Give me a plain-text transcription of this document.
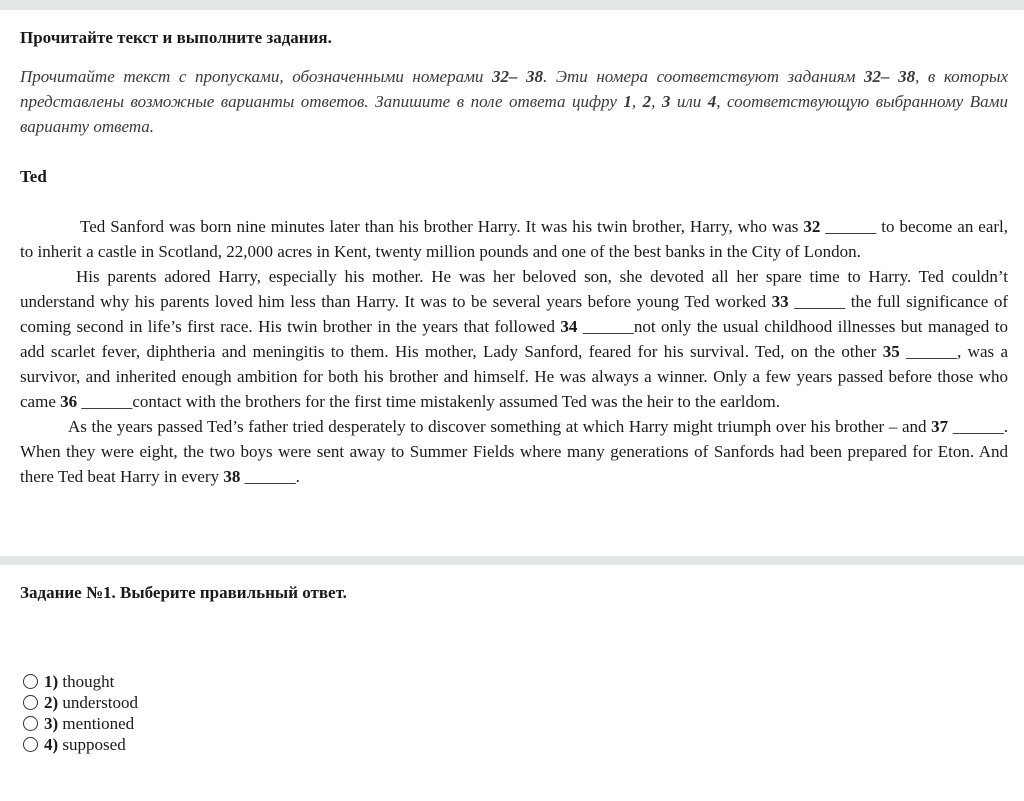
Прочитайте текст и выполните задания.
Прочитайте текст с пропусками, обозначенными номерами 32– 38. Эти номера соответствуют заданиям 32– 38, в которых представлены возможные варианты ответов. Запишите в поле ответа цифру 1, 2, 3 или 4, соответствующую выбранному Вами варианту ответа.
Ted

Ted Sanford was born nine minutes later than his brother Harry. It was his twin brother, Harry, who was 32 ______ to become an earl, to inherit a castle in Scotland, 22,000 acres in Kent, twenty million pounds and one of the best banks in the City of London.

His parents adored Harry, especially his mother. He was her beloved son, she devoted all her spare time to Harry. Ted couldn’t understand why his parents loved him less than Harry. It was to be several years before young Ted worked 33 ______ the full significance of coming second in life’s first race. His twin brother in the years that followed 34 ______not only the usual childhood illnesses but managed to add scarlet fever, diphtheria and meningitis to them. His mother, Lady Sanford, feared for his survival. Ted, on the other 35 ______, was a survivor, and inherited enough ambition for both his brother and himself. He was always a winner. Only a few years passed before those who came 36 ______contact with the brothers for the first time mistakenly assumed Ted was the heir to the earldom.

As the years passed Ted’s father tried desperately to discover something at which Harry might triumph over his brother – and 37 ______. When they were eight, the two boys were sent away to Summer Fields where many generations of Sanfords had been prepared for Eton. And there Ted beat Harry in every 38 ______.

Задание №1. Выберите правильный ответ.
1)
thought
2)
understood
3)
mentioned
4)
supposed
